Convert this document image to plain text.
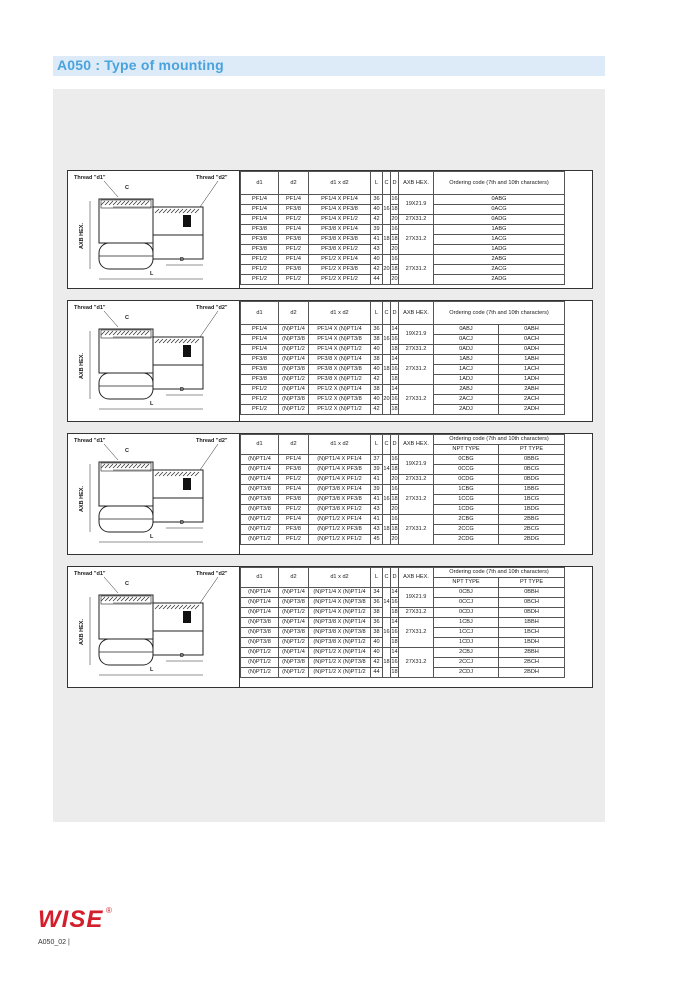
A050 : Type of mounting
Thread "d1"	Thread "d2"
C
D
L
AXB HEX.
d1	d2	d1 x d2	L	C	D	AXB HEX.	Ordering code (7th and 10th characters)
PF1/4	PF1/4	PF1/4 X PF1/4	36	16	16	19X21.9	0ABG
PF1/4	PF3/8	PF1/4 X PF3/8	40		18		0ACG
PF1/4	PF1/2	PF1/4 X PF1/2	42		20	27X31.2	0ADG
PF3/8	PF1/4	PF3/8 X PF1/4	39	18	16	27X31.2	1ABG
PF3/8	PF3/8	PF3/8 X PF3/8	41		18		1ACG
PF3/8	PF1/2	PF3/8 X PF1/2	43		20		1ADG
PF1/2	PF1/4	PF1/2 X PF1/4	40	20	16	27X31.2	2ABG
PF1/2	PF3/8	PF1/2 X PF3/8	42		18		2ACG
PF1/2	PF1/2	PF1/2 X PF1/2	44		20		2ADG
Thread "d1"	Thread "d2"
C
D
L
AXB HEX.
d1	d2	d1 x d2	L	C	D	AXB HEX.	Ordering code (7th and 10th characters)	
PF1/4	(N)PT1/4	PF1/4 X (N)PT1/4	36	16	14	19X21.9	0ABJ	0ABH
PF1/4	(N)PT3/8	PF1/4 X (N)PT3/8	38		16		0ACJ	0ACH
PF1/4	(N)PT1/2	PF1/4 X (N)PT1/2	40		18	27X31.2	0ADJ	0ADH
PF3/8	(N)PT1/4	PF3/8 X (N)PT1/4	38	18	14	27X31.2	1ABJ	1ABH
PF3/8	(N)PT3/8	PF3/8 X (N)PT3/8	40		16		1ACJ	1ACH
PF3/8	(N)PT1/2	PF3/8 X (N)PT1/2	42		18		1ADJ	1ADH
PF1/2	(N)PT1/4	PF1/2 X (N)PT1/4	38	20	14	27X31.2	2ABJ	2ABH
PF1/2	(N)PT3/8	PF1/2 X (N)PT3/8	40		16		2ACJ	2ACH
PF1/2	(N)PT1/2	PF1/2 X (N)PT1/2	42		18		2ADJ	2ADH
Thread "d1"	Thread "d2"
C
D
L
AXB HEX.
d1	d2	d1 x d2	L	C	D	AXB HEX.	Ordering code (7th and 10th characters)	
							NPT TYPE	PT TYPE
(N)PT1/4	PF1/4	(N)PT1/4 X PF1/4	37	14	16	19X21.9	0CBG	0BBG
(N)PT1/4	PF3/8	(N)PT1/4 X PF3/8	39		18		0CCG	0BCG
(N)PT1/4	PF1/2	(N)PT1/4 X PF1/2	41		20	27X31.2	0CDG	0BDG
(N)PT3/8	PF1/4	(N)PT3/8 X PF1/4	39	16	16	27X31.2	1CBG	1BBG
(N)PT3/8	PF3/8	(N)PT3/8 X PF3/8	41		18		1CCG	1BCG
(N)PT3/8	PF1/2	(N)PT3/8 X PF1/2	43		20		1CDG	1BDG
(N)PT1/2	PF1/4	(N)PT1/2 X PF1/4	41	18	16	27X31.2	2CBG	2BBG
(N)PT1/2	PF3/8	(N)PT1/2 X PF3/8	43		18		2CCG	2BCG
(N)PT1/2	PF1/2	(N)PT1/2 X PF1/2	45		20		2CDG	2BDG
Thread "d1"	Thread "d2"
C
D
L
AXB HEX.
d1	d2	d1 x d2	L	C	D	AXB HEX.	Ordering code (7th and 10th characters)	
							NPT TYPE	PT TYPE
(N)PT1/4	(N)PT1/4	(N)PT1/4 X (N)PT1/4	34	14	14	19X21.9	0CBJ	0BBH
(N)PT1/4	(N)PT3/8	(N)PT1/4 X (N)PT3/8	36		16		0CCJ	0BCH
(N)PT1/4	(N)PT1/2	(N)PT1/4 X (N)PT1/2	38		18	27X31.2	0CDJ	0BDH
(N)PT3/8	(N)PT1/4	(N)PT3/8 X (N)PT1/4	36	16	14	27X31.2	1CBJ	1BBH
(N)PT3/8	(N)PT3/8	(N)PT3/8 X (N)PT3/8	38		16		1CCJ	1BCH
(N)PT3/8	(N)PT1/2	(N)PT3/8 X (N)PT1/2	40		18		1CDJ	1BDH
(N)PT1/2	(N)PT1/4	(N)PT1/2 X (N)PT1/4	40	18	14	27X31.2	2CBJ	2BBH
(N)PT1/2	(N)PT3/8	(N)PT1/2 X (N)PT3/8	42		16		2CCJ	2BCH
(N)PT1/2	(N)PT1/2	(N)PT1/2 X (N)PT1/2	44		18		2CDJ	2BDH
WISE ®
A050_02 |
